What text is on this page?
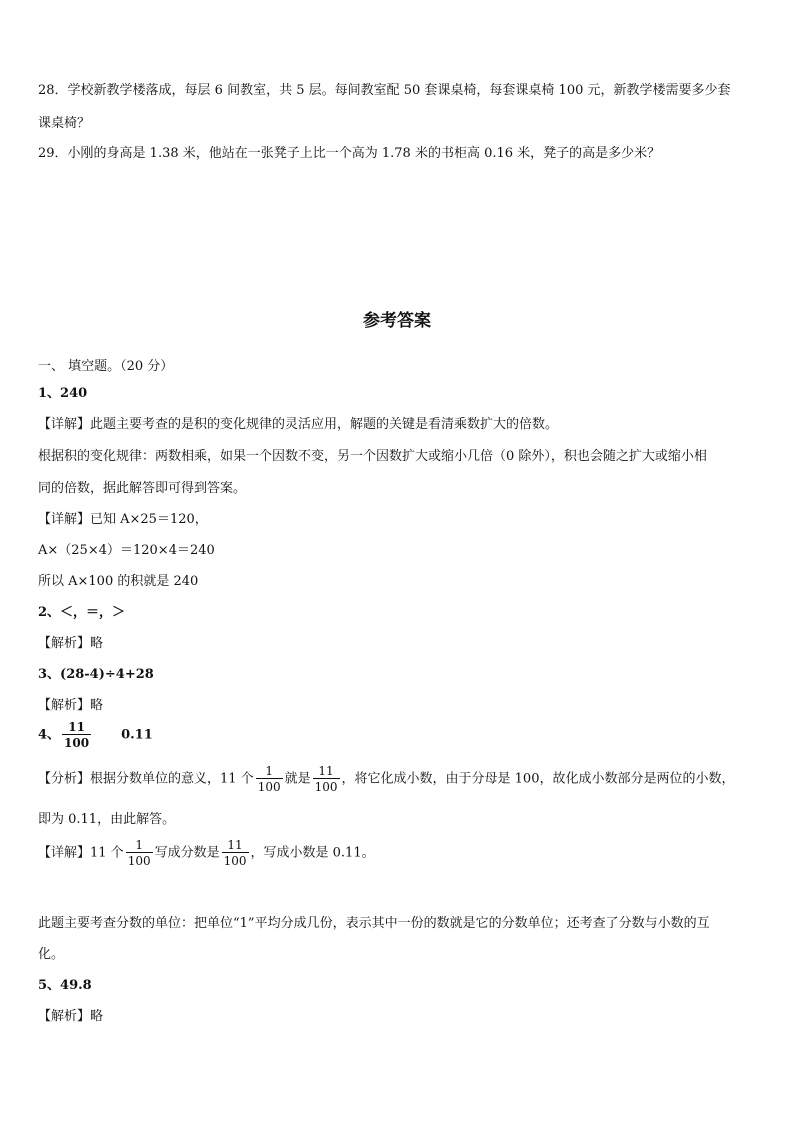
28．学校新教学楼落成，每层 6 间教室，共 5 层。每间教室配 50 套课桌椅，每套课桌椅 100 元，新教学楼需要多少套
课桌椅？
29．小刚的身高是 1.38 米，他站在一张凳子上比一个高为 1.78 米的书柜高 0.16 米，凳子的高是多少米？
参考答案
一、 填空题。（20 分）
1、240
【详解】此题主要考查的是积的变化规律的灵活应用，解题的关键是看清乘数扩大的倍数。
根据积的变化规律：两数相乘，如果一个因数不变，另一个因数扩大或缩小几倍（0 除外），积也会随之扩大或缩小相
同的倍数，据此解答即可得到答案。
【详解】已知 A×25＝120，
A×（25×4）＝120×4＝240
所以 A×100 的积就是 240
2、＜，＝，＞
【解析】略
3、(28-4)÷4+28
【解析】略
4、 $\frac{11}{100} 0.11$
【分析】根据分数单位的意义，11 个 $\frac{1}{100}$ 就是 $\frac{11}{100}$ ，将它化成小数，由于分母是 100，故化成小数部分是两位的小数，
即为 0.11，由此解答。
【详解】11 个 $\frac{1}{100}$ 写成分数是 $\frac{11}{100}$ ，写成小数是 0.11。
此题主要考查分数的单位：把单位“1”平均分成几份，表示其中一份的数就是它的分数单位；还考查了分数与小数的互
化。
5、49.8
【解析】略
